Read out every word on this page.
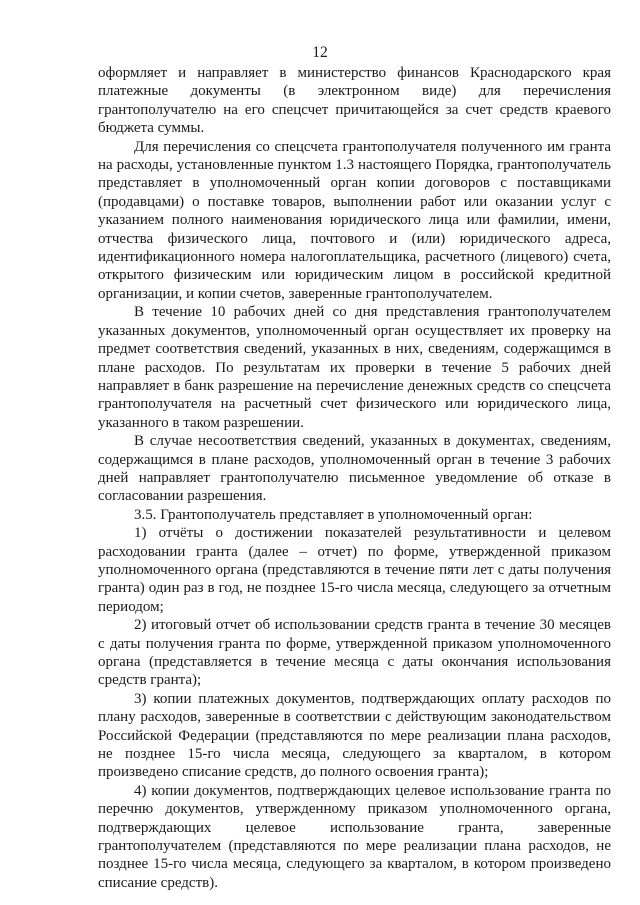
12

оформляет и направляет в министерство финансов Краснодарского края платежные документы (в электронном виде) для перечисления грантополучателю на его спецсчет причитающейся за счет средств краевого бюджета суммы.

Для перечисления со спецсчета грантополучателя полученного им гранта на расходы, установленные пунктом 1.3 настоящего Порядка, грантополучатель представляет в уполномоченный орган копии договоров с поставщиками (продавцами) о поставке товаров, выполнении работ или оказании услуг с указанием полного наименования юридического лица или фамилии, имени, отчества физического лица, почтового и (или) юридического адреса, идентификационного номера налогоплательщика, расчетного (лицевого) счета, открытого физическим или юридическим лицом в российской кредитной организации, и копии счетов, заверенные грантополучателем.

В течение 10 рабочих дней со дня представления грантополучателем указанных документов, уполномоченный орган осуществляет их проверку на предмет соответствия сведений, указанных в них, сведениям, содержащимся в плане расходов. По результатам их проверки в течение 5 рабочих дней направляет в банк разрешение на перечисление денежных средств со спецсчета грантополучателя на расчетный счет физического или юридического лица, указанного в таком разрешении.

В случае несоответствия сведений, указанных в документах, сведениям, содержащимся в плане расходов, уполномоченный орган в течение 3 рабочих дней направляет грантополучателю письменное уведомление об отказе в согласовании разрешения.

3.5. Грантополучатель представляет в уполномоченный орган:

1) отчёты о достижении показателей результативности и целевом расходовании гранта (далее – отчет) по форме, утвержденной приказом уполномоченного органа (представляются в течение пяти лет с даты получения гранта) один раз в год, не позднее 15-го числа месяца, следующего за отчетным периодом;

2) итоговый отчет об использовании средств гранта в течение 30 месяцев с даты получения гранта по форме, утвержденной приказом уполномоченного органа (представляется в течение месяца с даты окончания использования средств гранта);

3) копии платежных документов, подтверждающих оплату расходов по плану расходов, заверенные в соответствии с действующим законодательством Российской Федерации (представляются по мере реализации плана расходов, не позднее 15-го числа месяца, следующего за кварталом, в котором произведено списание средств, до полного освоения гранта);

4) копии документов, подтверждающих целевое использование гранта по перечню документов, утвержденному приказом уполномоченного органа, подтверждающих целевое использование гранта, заверенные грантополучателем (представляются по мере реализации плана расходов, не позднее 15-го числа месяца, следующего за кварталом, в котором произведено списание средств).
